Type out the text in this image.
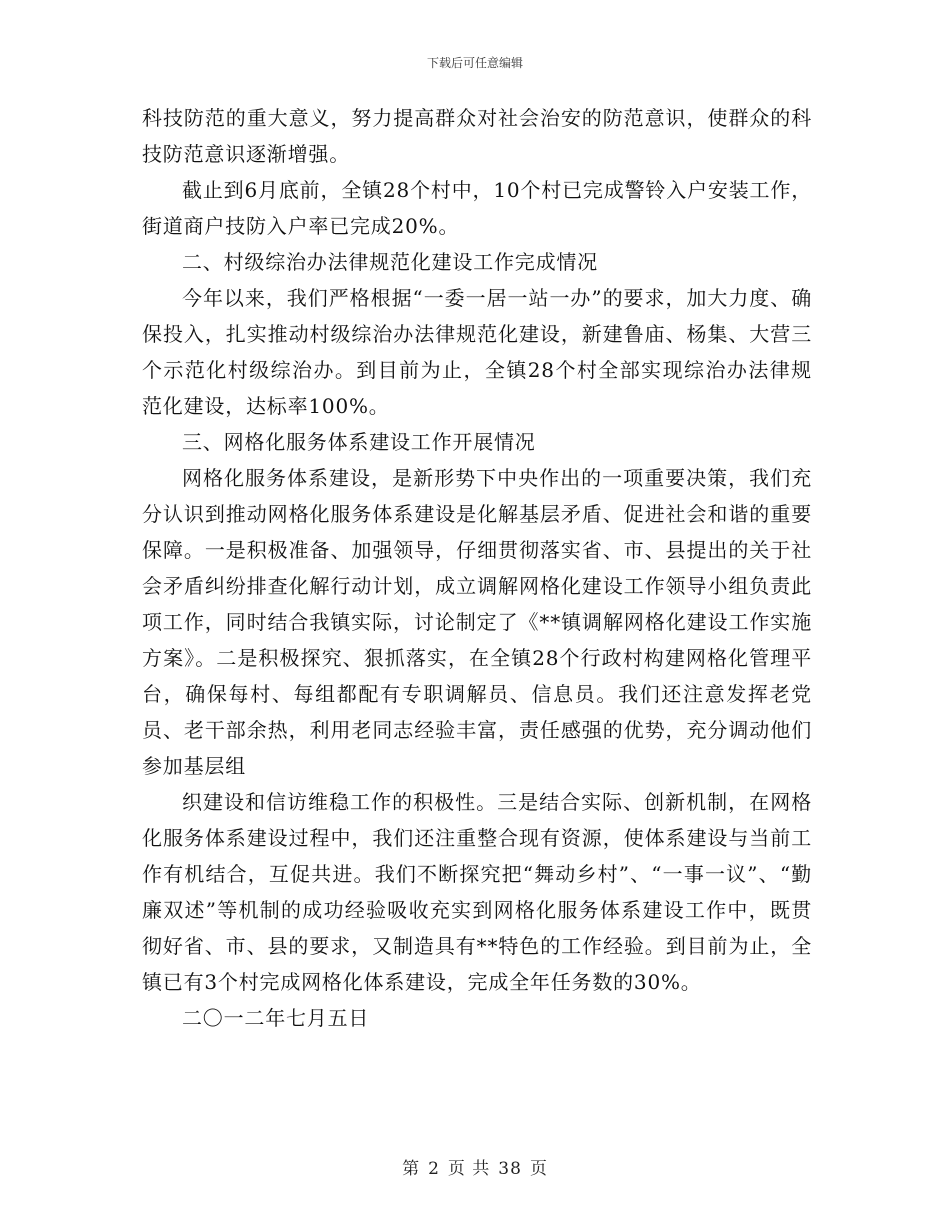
下载后可任意编辑

科技防范的重大意义，努力提高群众对社会治安的防范意识，使群众的科技防范意识逐渐增强。

截止到6月底前，全镇28个村中，10个村已完成警铃入户安装工作，街道商户技防入户率已完成20%。

二、村级综治办法律规范化建设工作完成情况

今年以来，我们严格根据“一委一居一站一办”的要求，加大力度、确保投入，扎实推动村级综治办法律规范化建设，新建鲁庙、杨集、大营三个示范化村级综治办。到目前为止，全镇28个村全部实现综治办法律规范化建设，达标率100%。

三、网格化服务体系建设工作开展情况

网格化服务体系建设，是新形势下中央作出的一项重要决策，我们充分认识到推动网格化服务体系建设是化解基层矛盾、促进社会和谐的重要保障。一是积极准备、加强领导，仔细贯彻落实省、市、县提出的关于社会矛盾纠纷排查化解行动计划，成立调解网格化建设工作领导小组负责此项工作，同时结合我镇实际，讨论制定了《**镇调解网格化建设工作实施方案》。二是积极探究、狠抓落实，在全镇28个行政村构建网格化管理平台，确保每村、每组都配有专职调解员、信息员。我们还注意发挥老党员、老干部余热，利用老同志经验丰富，责任感强的优势，充分调动他们参加基层组

织建设和信访维稳工作的积极性。三是结合实际、创新机制，在网格化服务体系建设过程中，我们还注重整合现有资源，使体系建设与当前工作有机结合，互促共进。我们不断探究把“舞动乡村”、“一事一议”、“勤廉双述”等机制的成功经验吸收充实到网格化服务体系建设工作中，既贯彻好省、市、县的要求，又制造具有**特色的工作经验。到目前为止，全镇已有3个村完成网格化体系建设，完成全年任务数的30%。

二〇一二年七月五日

第 2 页 共 38 页
